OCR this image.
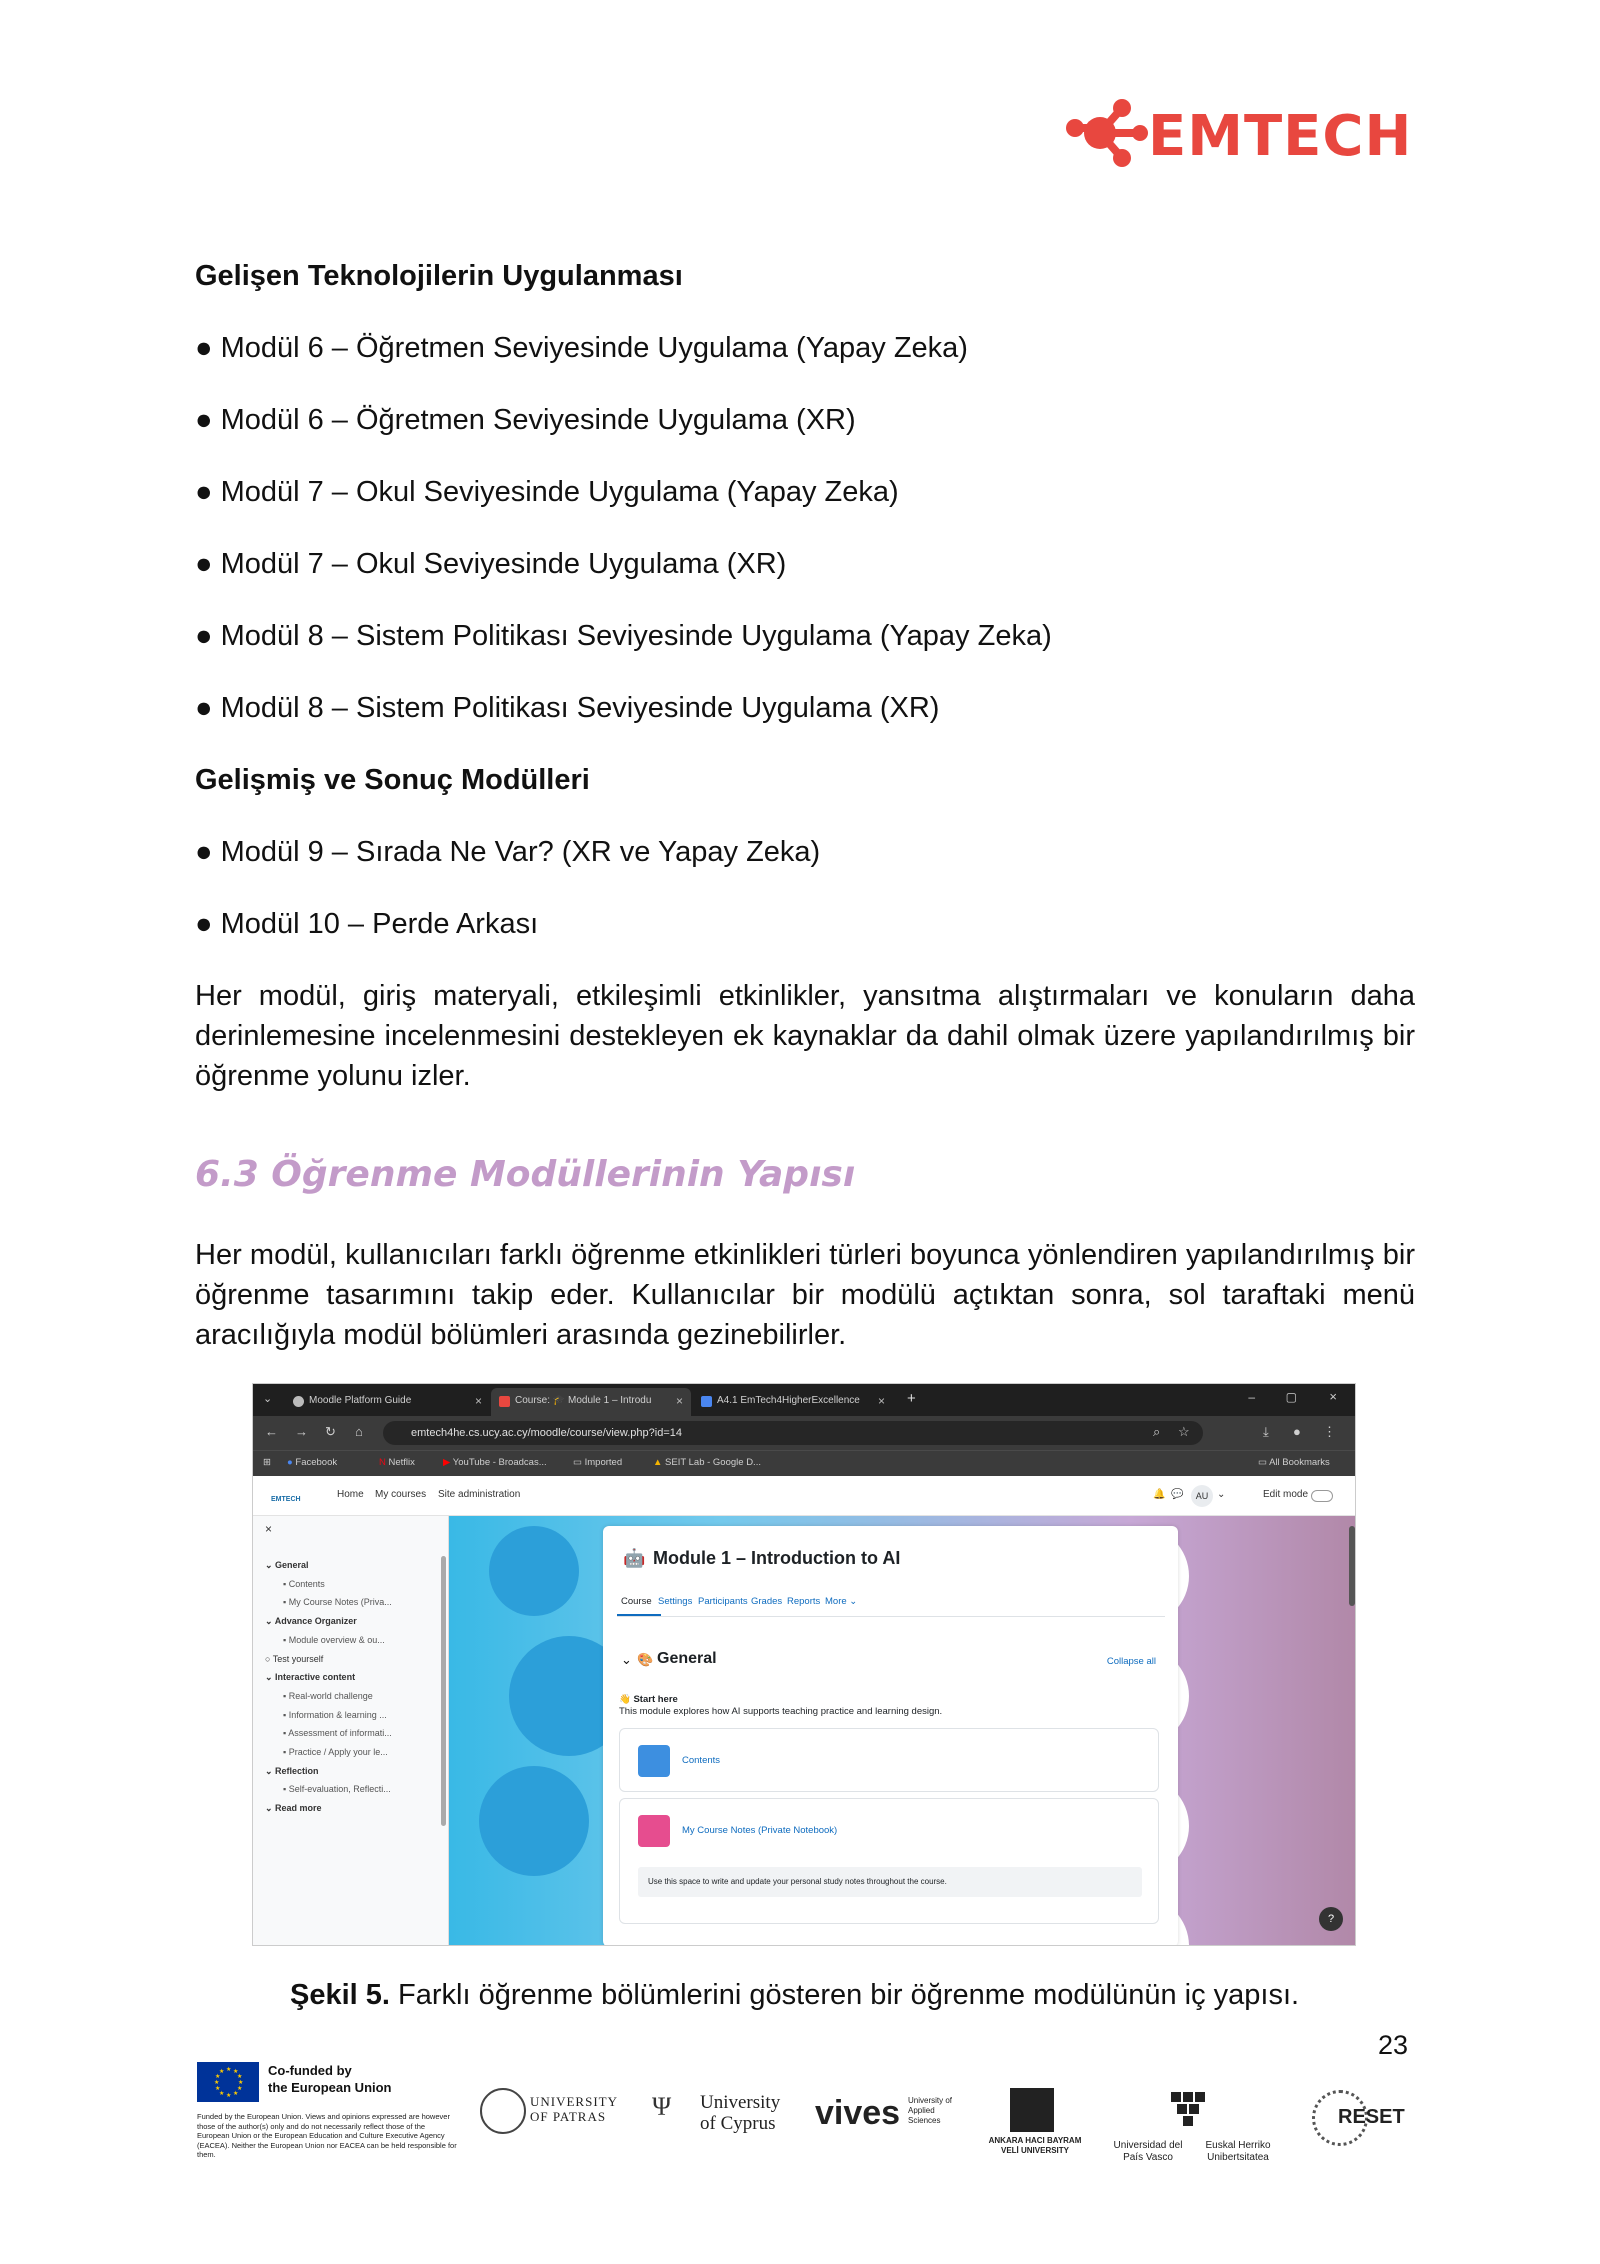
EMTECH
Gelişen Teknolojilerin Uygulanması
● Modül 6 – Öğretmen Seviyesinde Uygulama (Yapay Zeka)
● Modül 6 – Öğretmen Seviyesinde Uygulama (XR)
● Modül 7 – Okul Seviyesinde Uygulama (Yapay Zeka)
● Modül 7 – Okul Seviyesinde Uygulama (XR)
● Modül 8 – Sistem Politikası Seviyesinde Uygulama (Yapay Zeka)
● Modül 8 – Sistem Politikası Seviyesinde Uygulama (XR)
Gelişmiş ve Sonuç Modülleri
● Modül 9 – Sırada Ne Var? (XR ve Yapay Zeka)
● Modül 10 – Perde Arkası
Her modül, giriş materyali, etkileşimli etkinlikler, yansıtma alıştırmaları ve konuların daha derinlemesine incelenmesini destekleyen ek kaynaklar da dahil olmak üzere yapılandırılmış bir öğrenme yolunu izler.
6.3 Öğrenme Modüllerinin Yapısı
Her modül, kullanıcıları farklı öğrenme etkinlikleri türleri boyunca yönlendiren yapılandırılmış bir öğrenme tasarımını takip eder. Kullanıcılar bir modülü açtıktan sonra, sol taraftaki menü aracılığıyla modül bölümleri arasında gezinebilirler.
⌄	Moodle Platform Guide	×	Course: 🎓 Module 1 – Introdu ×	A4.1 EmTech4HigherExcellence × +	–	▢ ×
← → ↻ ⌂	emtech4he.cs.ucy.ac.cy/moodle/course/view.php?id=14	⌕ ☆	⤓ ● ⋮
⊞ ● Facebook	N Netflix	▶ YouTube - Broadcas...	▭ Imported	▲ SEIT Lab - Google D...	▭ All Bookmarks
EMTECH	Home My courses Site administration	🔔 💬	AU ⌄	Edit mode
×
⌄ General
▪ Contents
▪ My Course Notes (Priva...
⌄ Advance Organizer
▪ Module overview & ou...
○ Test yourself
⌄ Interactive content
▪ Real-world challenge
▪ Information & learning ...
▪ Assessment of informati...
▪ Practice / Apply your le...
⌄ Reflection
▪ Self-evaluation, Reflecti...
⌄ Read more
🤖 Module 1 – Introduction to AI
Course Settings Participants Grades Reports More ⌄
⌄ 🎨 General	Collapse all
👋 Start here
This module explores how AI supports teaching practice and learning design.
Contents
My Course Notes (Private Notebook)
Use this space to write and update your personal study notes throughout the course.
?
Şekil 5. Farklı öğrenme bölümlerini gösteren bir öğrenme modülünün iç yapısı.
23
★ ★
★
★
★
★
★
★
★
★
★
★	Co-funded by
the European Union
Funded by the European Union. Views and opinions expressed are however those of the author(s) only and do not necessarily reflect those of the European Union or the European Education and Culture Executive Agency (EACEA). Neither the European Union nor EACEA can be held responsible for them.
UNIVERSITY OF PATRAS	Ψ University of Cyprus	vives University of Applied Sciences
ANKARA HACI BAYRAM VELİ UNIVERSITY	Universidad del País Vasco
Euskal Herriko Unibertsitatea
RESET
